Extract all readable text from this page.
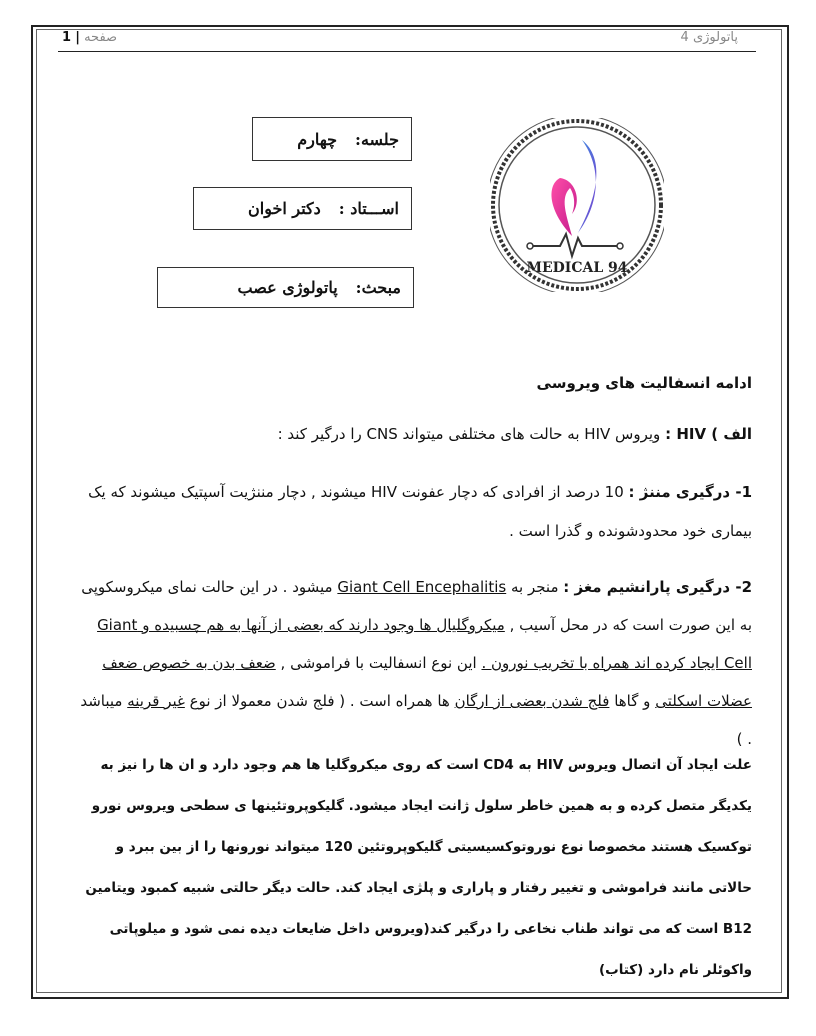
1 | صفحه	پاتولوژی 4
جلسه:
چهارم
اســـتاد :
دکتر اخوان
مبحث:
پاتولوژی عصب
MEDICAL 94
ادامه انسفالیت های ویروسی
الف ) HIV : ویروس HIV به حالت های مختلفی میتواند CNS را درگیر کند :
1- درگیری مننژ : 10 درصد از افرادی که دچار عفونت HIV میشوند , دچار مننژیت آسپتیک میشوند که یک بیماری خود محدودشونده و گذرا است .
2- درگیری پارانشیم مغز : منجر به Giant Cell Encephalitis میشود . در این حالت نمای میکروسکوپی به این صورت است که در محل آسیب , میکروگلیال ها وجود دارند که بعضی از آنها به هم چسبیده و Giant Cell ایجاد کرده اند همراه با تخریب نورون . این نوع انسفالیت با فراموشی , ضعف بدن به خصوص ضعف عضلات اسکلتی و گاها فلج شدن بعضی از ارگان ها همراه است . ( فلج شدن معمولا از نوع غیر قرینه میباشد . )
علت ایجاد آن اتصال ویروس HIV به CD4 است که روی میکروگلیا ها هم وجود دارد و ان ها را نیز به یکدیگر متصل کرده و به همین خاطر سلول ژانت ایجاد میشود. گلیکوپروتئینها ی سطحی ویروس نورو توکسیک هستند مخصوصا نوع نوروتوکسیسیتی گلیکوپروتئین 120 میتواند نورونها را از بین ببرد و حالاتی مانند فراموشی و تغییر رفتار و پاراری و پلژی ایجاد کند. حالت دیگر حالتی شبیه کمبود ویتامین B12 است که می تواند طناب نخاعی را درگیر کند(ویروس داخل ضایعات دیده نمی شود و میلوپاتی واکوئلر نام دارد (کتاب)
